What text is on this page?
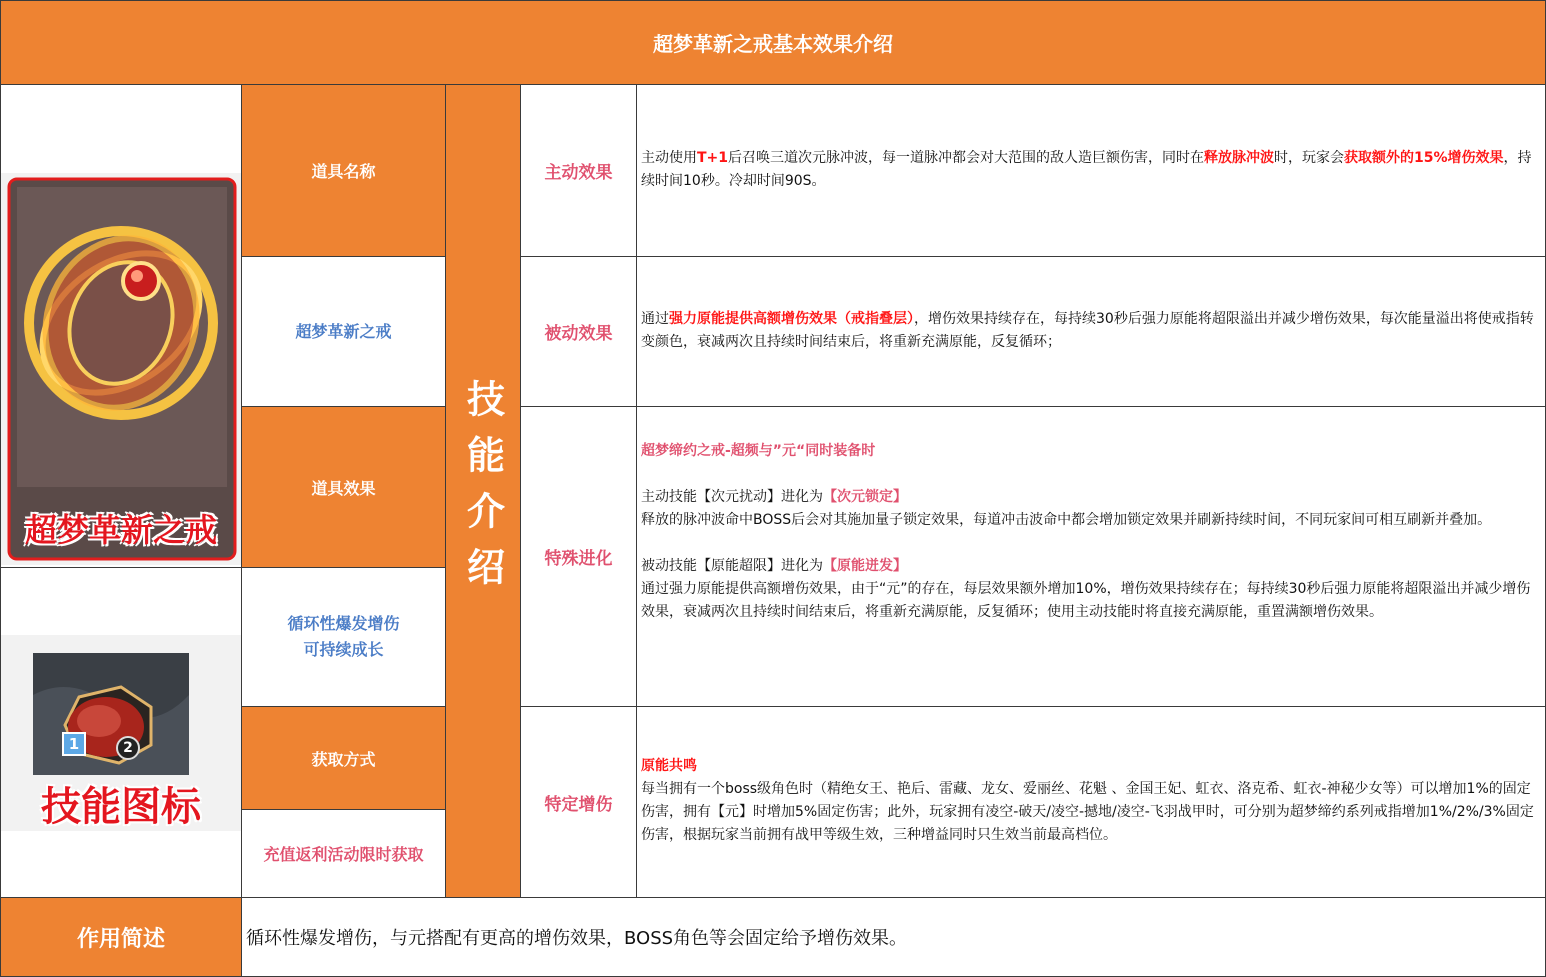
超梦革新之戒基本效果介绍
超梦革新之戒
1	2
技能图标
道具名称
超梦革新之戒
道具效果
循环性爆发增伤
可持续成长
获取方式
充值返利活动限时获取
技能介绍
主动效果
被动效果
特殊进化
特定增伤
主动使用T+1后召唤三道次元脉冲波，每一道脉冲都会对大范围的敌人造巨额伤害，同时在释放脉冲波时，玩家会获取额外的15%增伤效果，持续时间10秒。冷却时间90S。
通过强力原能提供高额增伤效果（戒指叠层），增伤效果持续存在，每持续30秒后强力原能将超限溢出并减少增伤效果，每次能量溢出将使戒指转变颜色，衰减两次且持续时间结束后，将重新充满原能，反复循环；

超梦缔约之戒-超频与”元“同时装备时

主动技能【次元扰动】进化为【次元锁定】

释放的脉冲波命中BOSS后会对其施加量子锁定效果，每道冲击波命中都会增加锁定效果并刷新持续时间，不同玩家间可相互刷新并叠加。

被动技能【原能超限】进化为【原能迸发】

通过强力原能提供高额增伤效果，由于“元”的存在，每层效果额外增加10%，增伤效果持续存在；每持续30秒后强力原能将超限溢出并减少增伤效果，衰减两次且持续时间结束后，将重新充满原能，反复循环；使用主动技能时将直接充满原能，重置满额增伤效果。

原能共鸣

每当拥有一个boss级角色时（精绝女王、艳后、雷藏、龙女、爱丽丝、花魁 、金国王妃、虹衣、洛克希、虹衣-神秘少女等）可以增加1%的固定伤害，拥有【元】时增加5%固定伤害；此外，玩家拥有凌空-破天/凌空-撼地/凌空-飞羽战甲时，可分别为超梦缔约系列戒指增加1%/2%/3%固定伤害，根据玩家当前拥有战甲等级生效，三种增益同时只生效当前最高档位。

作用简述	循环性爆发增伤，与元搭配有更高的增伤效果，BOSS角色等会固定给予增伤效果。
